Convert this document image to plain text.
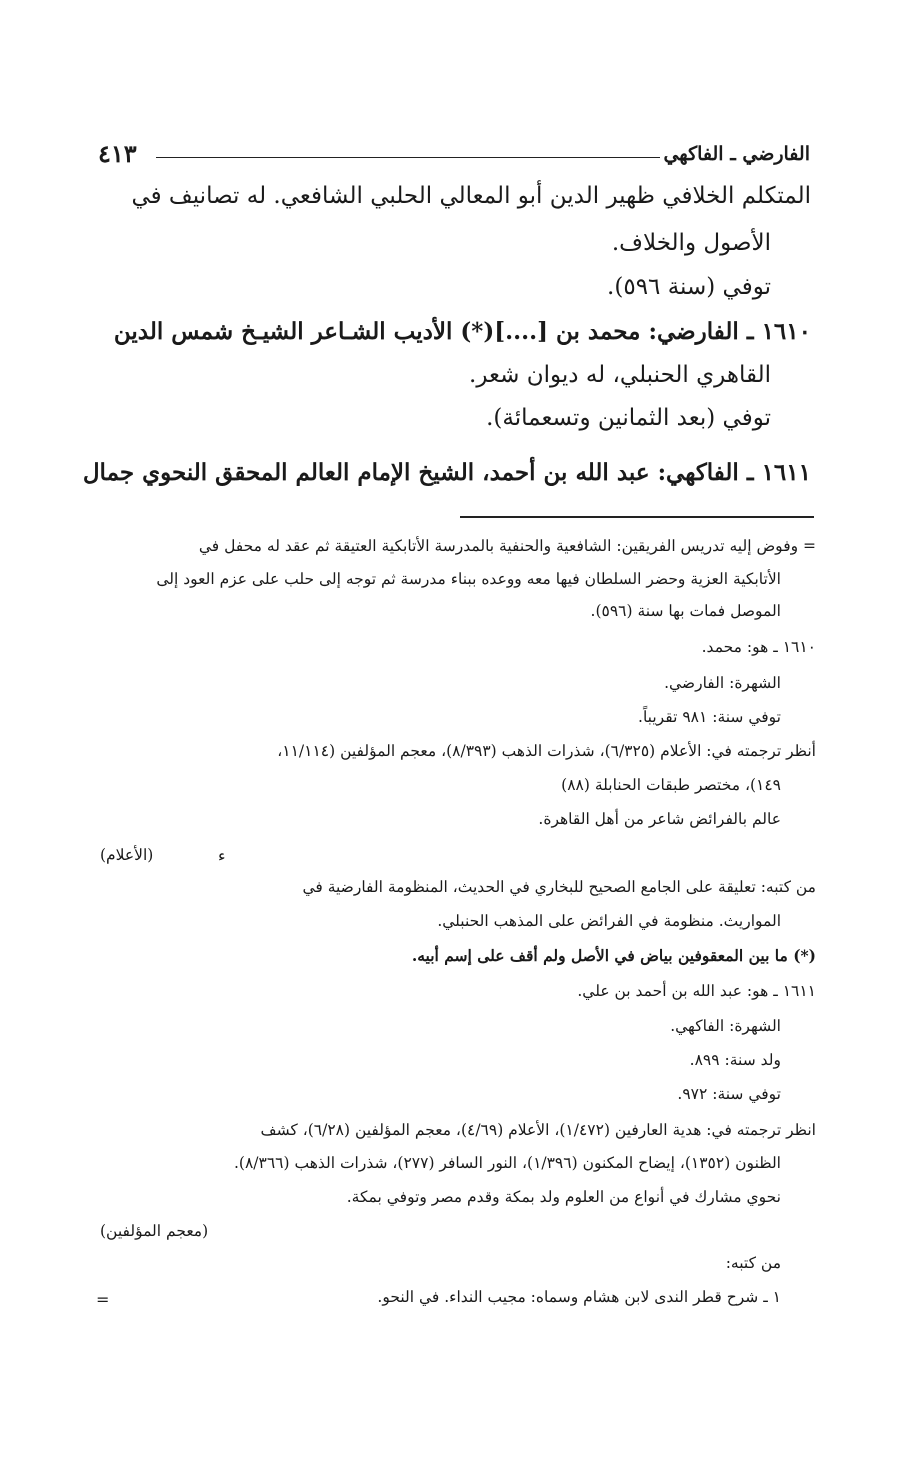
الفارضي ـ الفاكهي
٤١٣
المتكلم الخلافي ظهير الدين أبو المعالي الحلبي الشافعي. له تصانيف في
الأصول والخلاف.
توفي (سنة ٥٩٦).
١٦١٠ ـ الفارضي: محمد بن [....](*) الأديب الشـاعر الشيـخ شمس الدين
القاهري الحنبلي، له ديوان شعر.
توفي (بعد الثمانين وتسعمائة).
١٦١١ ـ الفاكهي: عبد الله بن أحمد، الشيخ الإمام العالم المحقق النحوي جمال
= وفوض إليه تدريس الفريقين: الشافعية والحنفية بالمدرسة الأتابكية العتيقة ثم عقد له محفل في
الأتابكية العزية وحضر السلطان فيها معه ووعده ببناء مدرسة ثم توجه إلى حلب على عزم العود إلى
الموصل فمات بها سنة (٥٩٦).
١٦١٠ ـ هو: محمد.
الشهرة: الفارضي.
توفي سنة: ٩٨١ تقريباً.
أنظر ترجمته في: الأعلام (٦/٣٢٥)، شذرات الذهب (٨/٣٩٣)، معجم المؤلفين (١١/١١٤،
١٤٩)، مختصر طبقات الحنابلة (٨٨)
عالم بالفرائض شاعر من أهل القاهرة.
(الأعلام)	ء
من كتبه: تعليقة على الجامع الصحيح للبخاري في الحديث، المنظومة الفارضية في
المواريث. منظومة في الفرائض على المذهب الحنبلي.
(*) ما بين المعقوفين بياض في الأصل ولم أقف على إسم أبيه.
١٦١١ ـ هو: عبد الله بن أحمد بن علي.
الشهرة: الفاكهي.
ولد سنة: ٨٩٩.
توفي سنة: ٩٧٢.
انظر ترجمته في: هدية العارفين (١/٤٧٢)، الأعلام (٤/٦٩)، معجم المؤلفين (٦/٢٨)، كشف
الظنون (١٣٥٢)، إيضاح المكنون (١/٣٩٦)، النور السافر (٢٧٧)، شذرات الذهب (٨/٣٦٦).
نحوي مشارك في أنواع من العلوم ولد بمكة وقدم مصر وتوفي بمكة.
(معجم المؤلفين)
من كتبه:
١ ـ شرح قطر الندى لابن هشام وسماه: مجيب النداء. في النحو.
=
